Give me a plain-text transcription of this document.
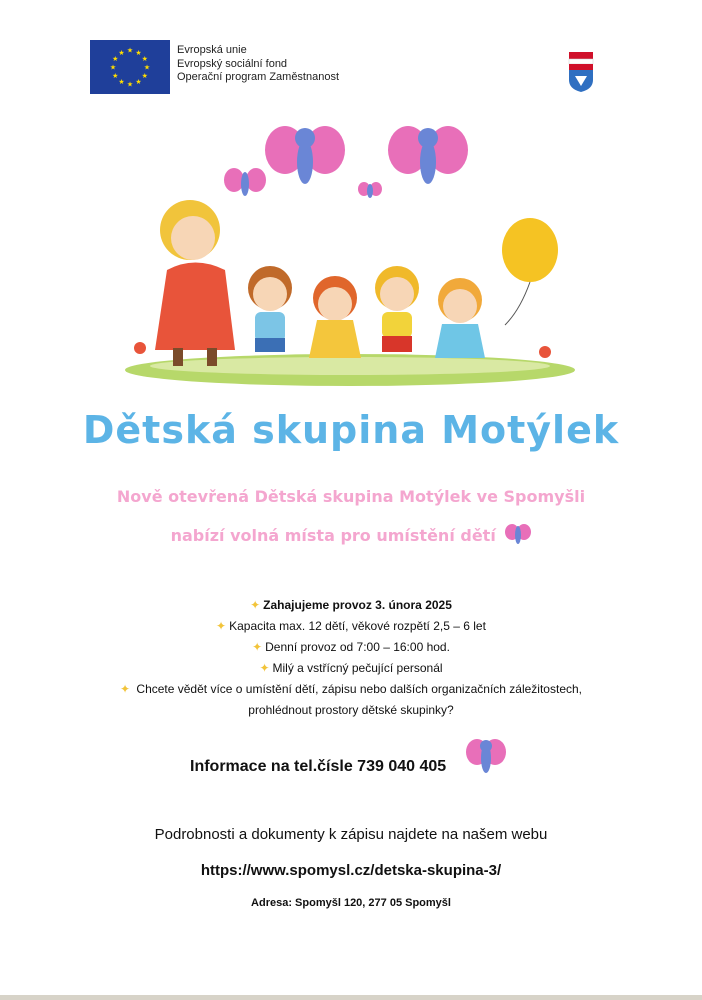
★ ★
★
★
★
★
★
★
★
★
★
★	Evropská unie
Evropský sociální fond
Operační program Zaměstnanost
Dětská skupina Motýlek
Nově otevřená Dětská skupina Motýlek ve Spomyšli
nabízí volná místa pro umístění dětí
✦ Zahajujeme provoz 3. února 2025
✦ Kapacita max. 12 dětí, věkové rozpětí 2,5 – 6 let
✦ Denní provoz od 7:00 – 16:00 hod.
✦ Milý a vstřícný pečující personál
✦ Chcete vědět více o umístění dětí, zápisu nebo dalších organizačních záležitostech,
prohlédnout prostory dětské skupinky?
Informace na tel.čísle 739 040 405
Podrobnosti a dokumenty k zápisu najdete na našem webu
https://www.spomysl.cz/detska-skupina-3/
Adresa: Spomyšl 120, 277 05 Spomyšl
